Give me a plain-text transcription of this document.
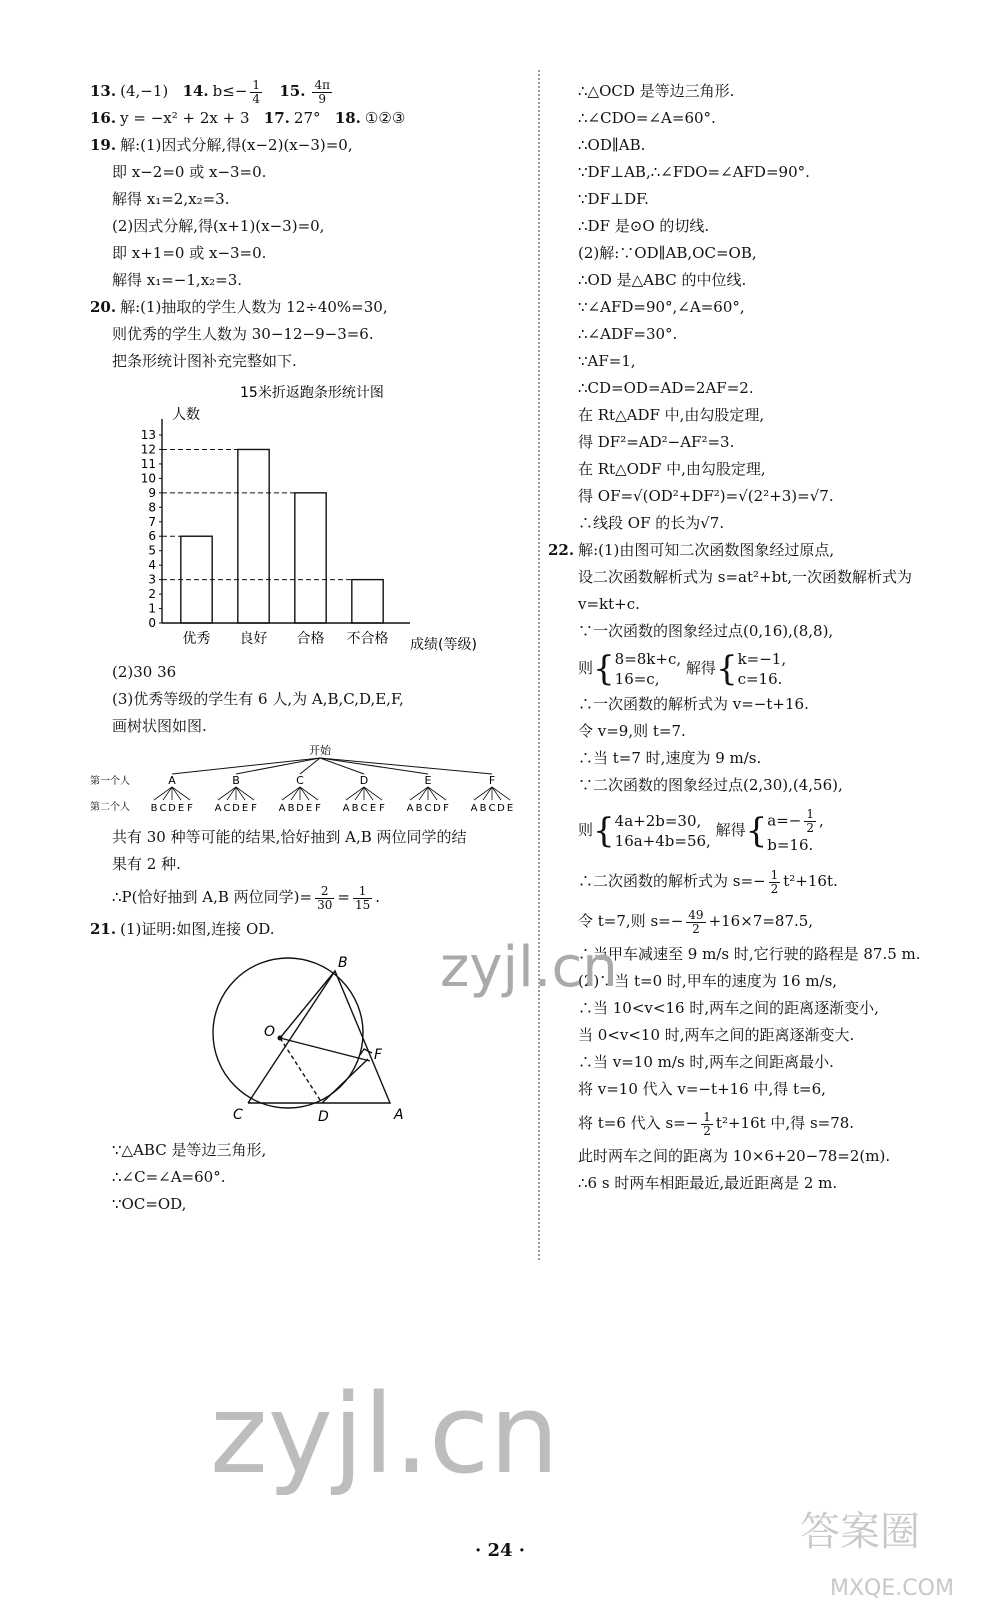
13. (4,−1) 14. $b\le- \frac{1}{4} 15$. $\frac{4\pi}{9}$
16. y = −x² + 2x + 3 17. 27° 18. ①②③
19. 解:(1)因式分解,得(x−2)(x−3)=0,
即 x−2=0 或 x−3=0.
解得 x₁=2,x₂=3.
(2)因式分解,得(x+1)(x−3)=0,
即 x+1=0 或 x−3=0.
解得 x₁=−1,x₂=3.
20. 解:(1)抽取的学生人数为 12÷40%=30,
则优秀的学生人数为 30−12−9−3=6.
把条形统计图补充完整如下.
15米折返跑条形统计图
人数
成绩(等级)
0
1
2
3
4
5
6
7
8
9
10
11
12
13
优秀 良好 合格 不合格
(2)30 36
(3)优秀等级的学生有 6 人,为 A,B,C,D,E,F,
画树状图如图.
开始
第一个人
第二个人
A
B C D E F
B
A C D E F
C
A B D E F
D
A B C E F
E
A B C D F
F
A B C D E
共有 30 种等可能的结果,恰好抽到 A,B 两位同学的结
果有 2 种.
∴P(恰好抽到 A,B 两位同学)= $\frac{2}{30} = \frac{1}{15}$ .
21. (1)证明:如图,连接 OD.
B
O
F
C	D	A
∵△ABC 是等边三角形,
∴∠C=∠A=60°.
∵OC=OD,
∴△OCD 是等边三角形.
∴∠CDO=∠A=60°.
∴OD∥AB.
∵DF⊥AB,∴∠FDO=∠AFD=90°.
∵DF⊥DF.
∴DF 是⊙O 的切线.
(2)解:∵OD∥AB,OC=OB,
∴OD 是△ABC 的中位线.
∵∠AFD=90°,∠A=60°,
∴∠ADF=30°.
∵AF=1,
∴CD=OD=AD=2AF=2.
在 Rt△ADF 中,由勾股定理,
得 DF²=AD²−AF²=3.
在 Rt△ODF 中,由勾股定理,
得 OF=√(OD²+DF²)=√(2²+3)=√7.
∴线段 OF 的长为√7.
22. 解:(1)由图可知二次函数图象经过原点,
设二次函数解析式为 s=at²+bt,一次函数解析式为
v=kt+c.
∵一次函数的图象经过点(0,16),(8,8),
则{8=8k+c,
16=c, 解得{k=−1,
c=16.
∴一次函数的解析式为 v=−t+16.
令 v=9,则 t=7.
∴当 t=7 时,速度为 9 m/s.
∵二次函数的图象经过点(2,30),(4,56),
则{4a+2b=30,
16a+4b=56, 解得{$a=- \frac{1}{2}$ ,
b=16.
∴二次函数的解析式为 $s=- \frac{1}{2} t^2+16t$.
令 t=7,则 $s=- \frac{49}{2} +16\times 7=87.5$,
∴当甲车减速至 9 m/s 时,它行驶的路程是 87.5 m.
(2)∵当 t=0 时,甲车的速度为 16 m/s,
∴当 10<v<16 时,两车之间的距离逐渐变小,
当 0<v<10 时,两车之间的距离逐渐变大.
∴当 v=10 m/s 时,两车之间距离最小.
将 v=10 代入 v=−t+16 中,得 t=6,
将 t=6 代入 $s=- \frac{1}{2} t^2+16t$ 中,得 s=78.
此时两车之间的距离为 10×6+20−78=2(m).
∴6 s 时两车相距最近,最近距离是 2 m.
zyjl.cn
zyjl.cn
答案圈
MXQE.COM
· 24 ·
